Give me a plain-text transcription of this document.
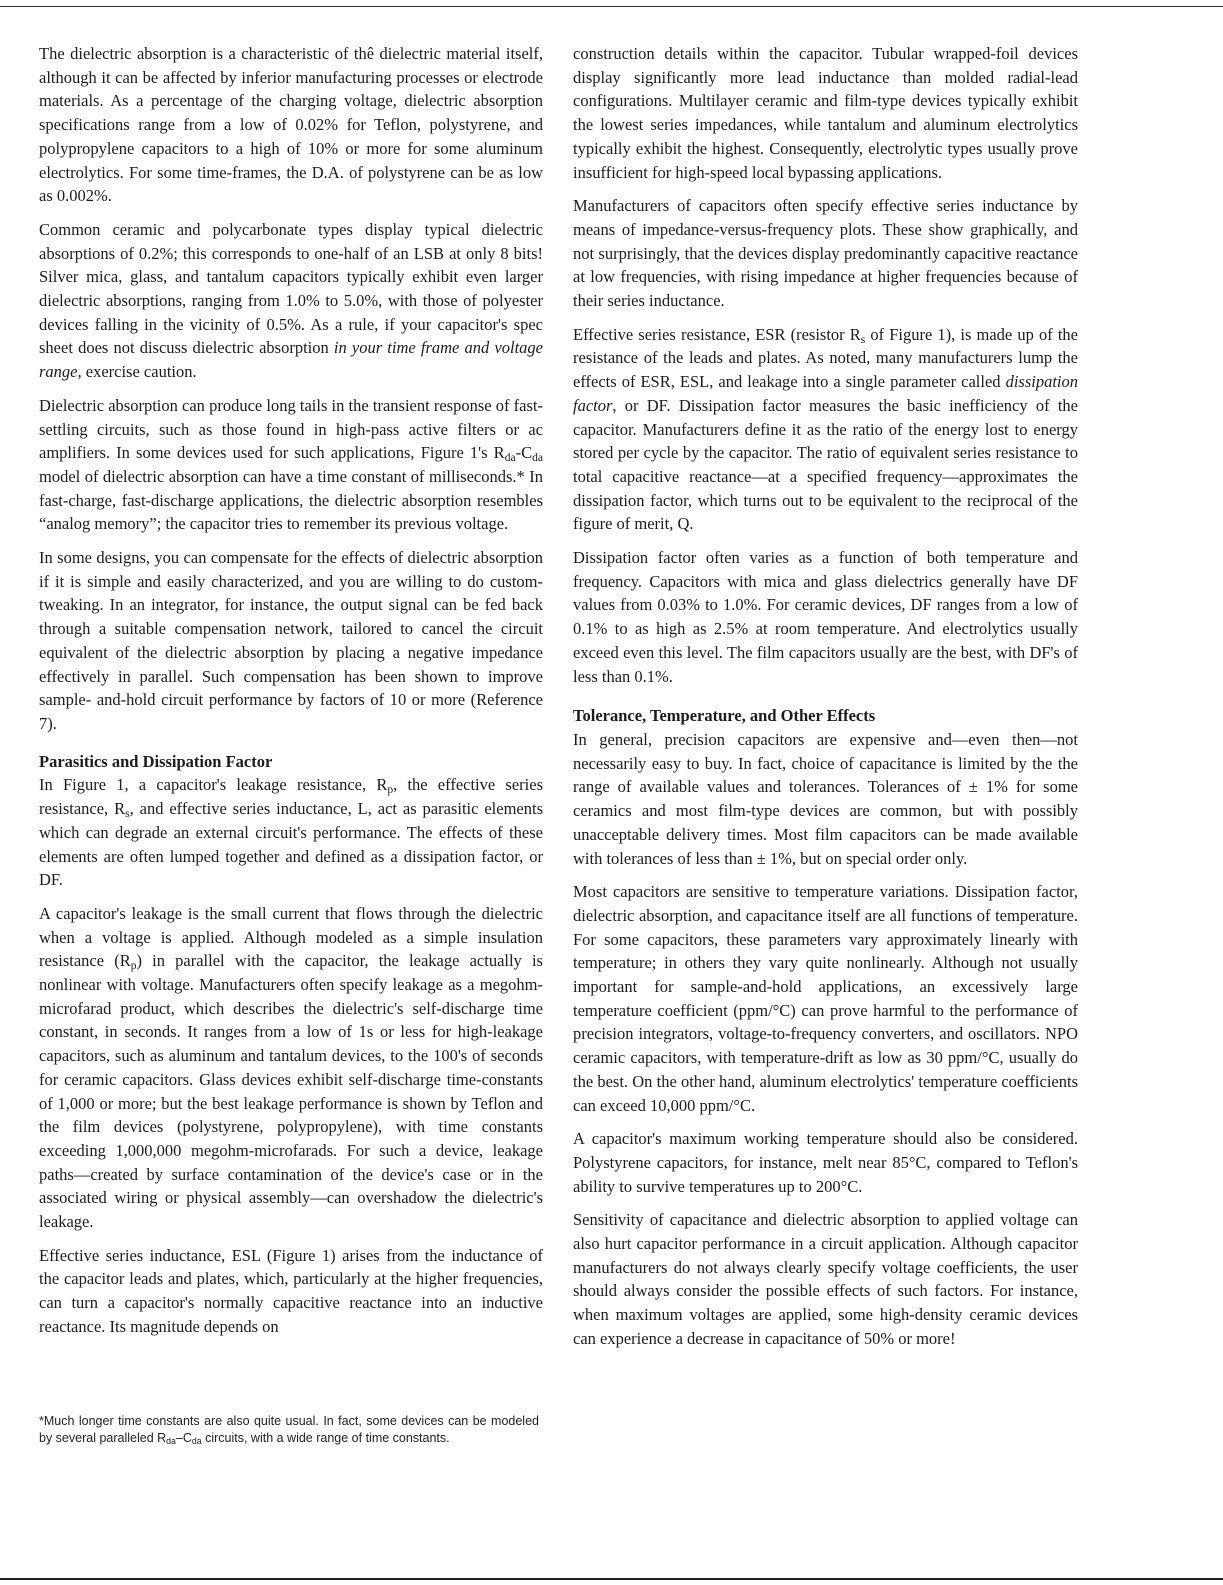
The dielectric absorption is a characteristic of thê dielectric material itself, although it can be affected by inferior manufacturing processes or electrode materials. As a percentage of the charging voltage, dielectric absorption specifications range from a low of 0.02% for Teflon, polystyrene, and polypropylene capacitors to a high of 10% or more for some aluminum electrolytics. For some time-frames, the D.A. of polystyrene can be as low as 0.002%.

Common ceramic and polycarbonate types display typical dielectric absorptions of 0.2%; this corresponds to one-half of an LSB at only 8 bits! Silver mica, glass, and tantalum capacitors typically exhibit even larger dielectric absorptions, ranging from 1.0% to 5.0%, with those of polyester devices falling in the vicinity of 0.5%. As a rule, if your capacitor's spec sheet does not discuss dielectric absorption in your time frame and voltage range, exercise caution.

Dielectric absorption can produce long tails in the transient response of fast-settling circuits, such as those found in high-pass active filters or ac amplifiers. In some devices used for such applications, Figure 1's $R_{da}-C_{da}$ model of dielectric absorption can have a time constant of milliseconds.* In fast-charge, fast-discharge applications, the dielectric absorption resembles “analog memory”; the capacitor tries to remember its previous voltage.

In some designs, you can compensate for the effects of dielectric absorption if it is simple and easily characterized, and you are willing to do custom-tweaking. In an integrator, for instance, the output signal can be fed back through a suitable compensation network, tailored to cancel the circuit equivalent of the dielectric absorption by placing a negative impedance effectively in parallel. Such compensation has been shown to improve sample- and-hold circuit performance by factors of 10 or more (Reference 7).

Parasitics and Dissipation Factor

In Figure 1, a capacitor's leakage resistance, $R_p$, the effective series resistance, $R_s$, and effective series inductance, L, act as parasitic elements which can degrade an external circuit's performance. The effects of these elements are often lumped together and defined as a dissipation factor, or DF.

A capacitor's leakage is the small current that flows through the dielectric when a voltage is applied. Although modeled as a simple insulation resistance $(R_p)$ in parallel with the capacitor, the leakage actually is nonlinear with voltage. Manufacturers often specify leakage as a megohm-microfarad product, which describes the dielectric's self-discharge time constant, in seconds. It ranges from a low of 1s or less for high-leakage capacitors, such as aluminum and tantalum devices, to the 100's of seconds for ceramic capacitors. Glass devices exhibit self-discharge time-constants of 1,000 or more; but the best leakage performance is shown by Teflon and the film devices (polystyrene, polypropylene), with time constants exceeding 1,000,000 megohm-microfarads. For such a device, leakage paths—created by surface contamination of the device's case or in the associated wiring or physical assembly—can overshadow the dielectric's leakage.

Effective series inductance, ESL (Figure 1) arises from the inductance of the capacitor leads and plates, which, particularly at the higher frequencies, can turn a capacitor's normally capacitive reactance into an inductive reactance. Its magnitude depends on

*Much longer time constants are also quite usual. In fact, some devices can be modeled by several paralleled $R_{da}-C_{da}$ circuits, with a wide range of time constants.

construction details within the capacitor. Tubular wrapped-foil devices display significantly more lead inductance than molded radial-lead configurations. Multilayer ceramic and film-type devices typically exhibit the lowest series impedances, while tantalum and aluminum electrolytics typically exhibit the highest. Consequently, electrolytic types usually prove insufficient for high-speed local bypassing applications.

Manufacturers of capacitors often specify effective series inductance by means of impedance-versus-frequency plots. These show graphically, and not surprisingly, that the devices display predominantly capacitive reactance at low frequencies, with rising impedance at higher frequencies because of their series inductance.

Effective series resistance, ESR (resistor $R_s$ of Figure 1), is made up of the resistance of the leads and plates. As noted, many manufacturers lump the effects of ESR, ESL, and leakage into a single parameter called dissipation factor, or DF. Dissipation factor measures the basic inefficiency of the capacitor. Manufacturers define it as the ratio of the energy lost to energy stored per cycle by the capacitor. The ratio of equivalent series resistance to total capacitive reactance—at a specified frequency—approximates the dissipation factor, which turns out to be equivalent to the reciprocal of the figure of merit, Q.

Dissipation factor often varies as a function of both temperature and frequency. Capacitors with mica and glass dielectrics generally have DF values from 0.03% to 1.0%. For ceramic devices, DF ranges from a low of 0.1% to as high as 2.5% at room temperature. And electrolytics usually exceed even this level. The film capacitors usually are the best, with DF's of less than 0.1%.

Tolerance, Temperature, and Other Effects

In general, precision capacitors are expensive and—even then—not necessarily easy to buy. In fact, choice of capacitance is limited by the the range of available values and tolerances. Tolerances of ± 1% for some ceramics and most film-type devices are common, but with possibly unacceptable delivery times. Most film capacitors can be made available with tolerances of less than ± 1%, but on special order only.

Most capacitors are sensitive to temperature variations. Dissipation factor, dielectric absorption, and capacitance itself are all functions of temperature. For some capacitors, these parameters vary approximately linearly with temperature; in others they vary quite nonlinearly. Although not usually important for sample-and-hold applications, an excessively large temperature coefficient (ppm/°C) can prove harmful to the performance of precision integrators, voltage-to-frequency converters, and oscillators. NPO ceramic capacitors, with temperature-drift as low as 30 ppm/°C, usually do the best. On the other hand, aluminum electrolytics' temperature coefficients can exceed 10,000 ppm/°C.

A capacitor's maximum working temperature should also be considered. Polystyrene capacitors, for instance, melt near 85°C, compared to Teflon's ability to survive temperatures up to 200°C.

Sensitivity of capacitance and dielectric absorption to applied voltage can also hurt capacitor performance in a circuit application. Although capacitor manufacturers do not always clearly specify voltage coefficients, the user should always consider the possible effects of such factors. For instance, when maximum voltages are applied, some high-density ceramic devices can experience a decrease in capacitance of 50% or more!
